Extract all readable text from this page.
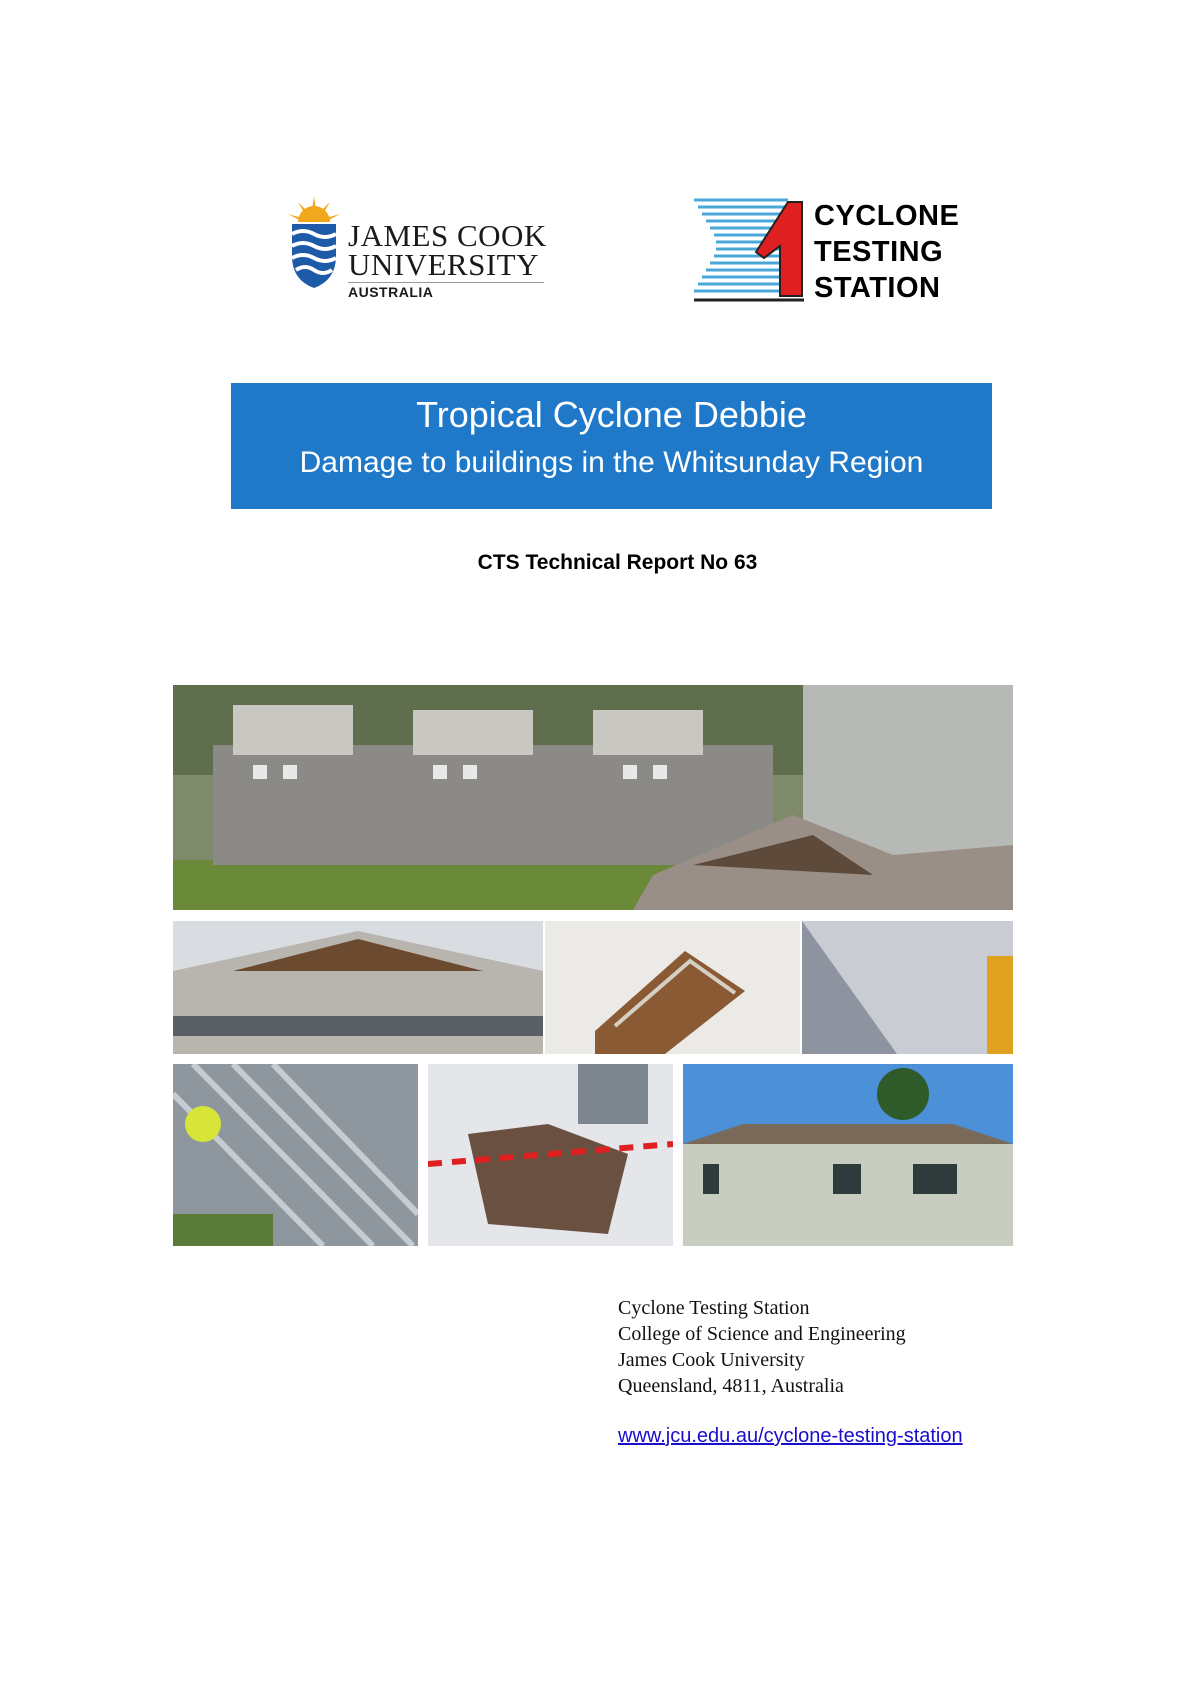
JAMES COOK
UNIVERSITY
AUSTRALIA
CYCLONE
TESTING
STATION
Tropical Cyclone Debbie
Damage to buildings in the Whitsunday Region
CTS Technical Report No 63
Cyclone Testing Station
College of Science and Engineering
James Cook University
Queensland, 4811, Australia
www.jcu.edu.au/cyclone-testing-station
